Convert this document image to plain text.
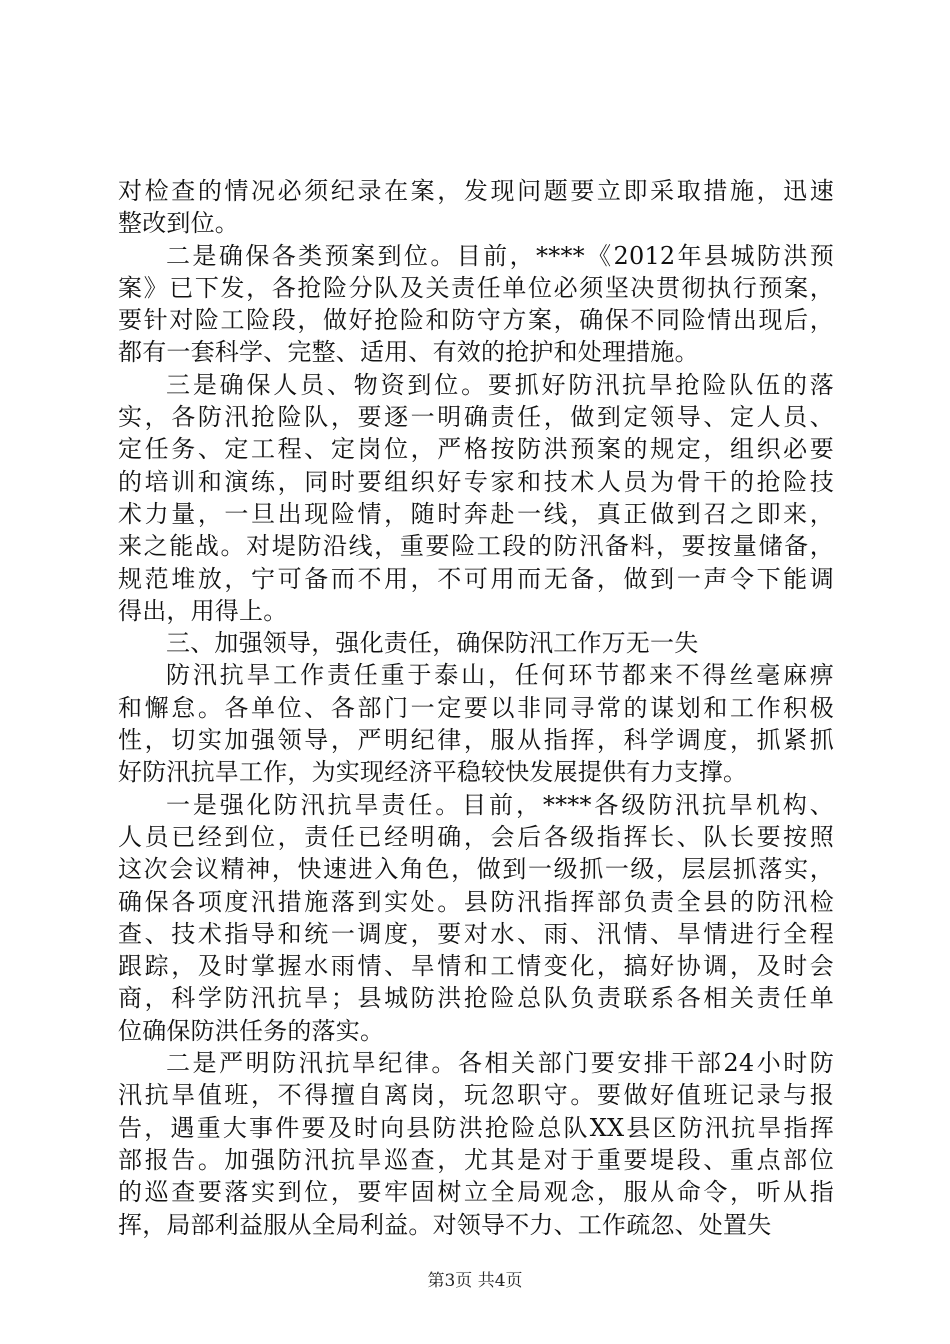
对检查的情况必须纪录在案，发现问题要立即采取措施，迅速
整改到位。
二是确保各类预案到位。目前，****《2012年县城防洪预
案》已下发，各抢险分队及关责任单位必须坚决贯彻执行预案，
要针对险工险段，做好抢险和防守方案，确保不同险情出现后，
都有一套科学、完整、适用、有效的抢护和处理措施。
三是确保人员、物资到位。要抓好防汛抗旱抢险队伍的落
实，各防汛抢险队，要逐一明确责任，做到定领导、定人员、
定任务、定工程、定岗位，严格按防洪预案的规定，组织必要
的培训和演练，同时要组织好专家和技术人员为骨干的抢险技
术力量，一旦出现险情，随时奔赴一线，真正做到召之即来，
来之能战。对堤防沿线，重要险工段的防汛备料，要按量储备，
规范堆放，宁可备而不用，不可用而无备，做到一声令下能调
得出，用得上。
三、加强领导，强化责任，确保防汛工作万无一失
防汛抗旱工作责任重于泰山，任何环节都来不得丝毫麻痹
和懈怠。各单位、各部门一定要以非同寻常的谋划和工作积极
性，切实加强领导，严明纪律，服从指挥，科学调度，抓紧抓
好防汛抗旱工作，为实现经济平稳较快发展提供有力支撑。
一是强化防汛抗旱责任。目前，****各级防汛抗旱机构、
人员已经到位，责任已经明确，会后各级指挥长、队长要按照
这次会议精神，快速进入角色，做到一级抓一级，层层抓落实，
确保各项度汛措施落到实处。县防汛指挥部负责全县的防汛检
查、技术指导和统一调度，要对水、雨、汛情、旱情进行全程
跟踪，及时掌握水雨情、旱情和工情变化，搞好协调，及时会
商，科学防汛抗旱；县城防洪抢险总队负责联系各相关责任单
位确保防洪任务的落实。
二是严明防汛抗旱纪律。各相关部门要安排干部24小时防
汛抗旱值班，不得擅自离岗，玩忽职守。要做好值班记录与报
告，遇重大事件要及时向县防洪抢险总队XX县区防汛抗旱指挥
部报告。加强防汛抗旱巡查，尤其是对于重要堤段、重点部位
的巡查要落实到位，要牢固树立全局观念，服从命令，听从指
挥，局部利益服从全局利益。对领导不力、工作疏忽、处置失
第3页 共4页
